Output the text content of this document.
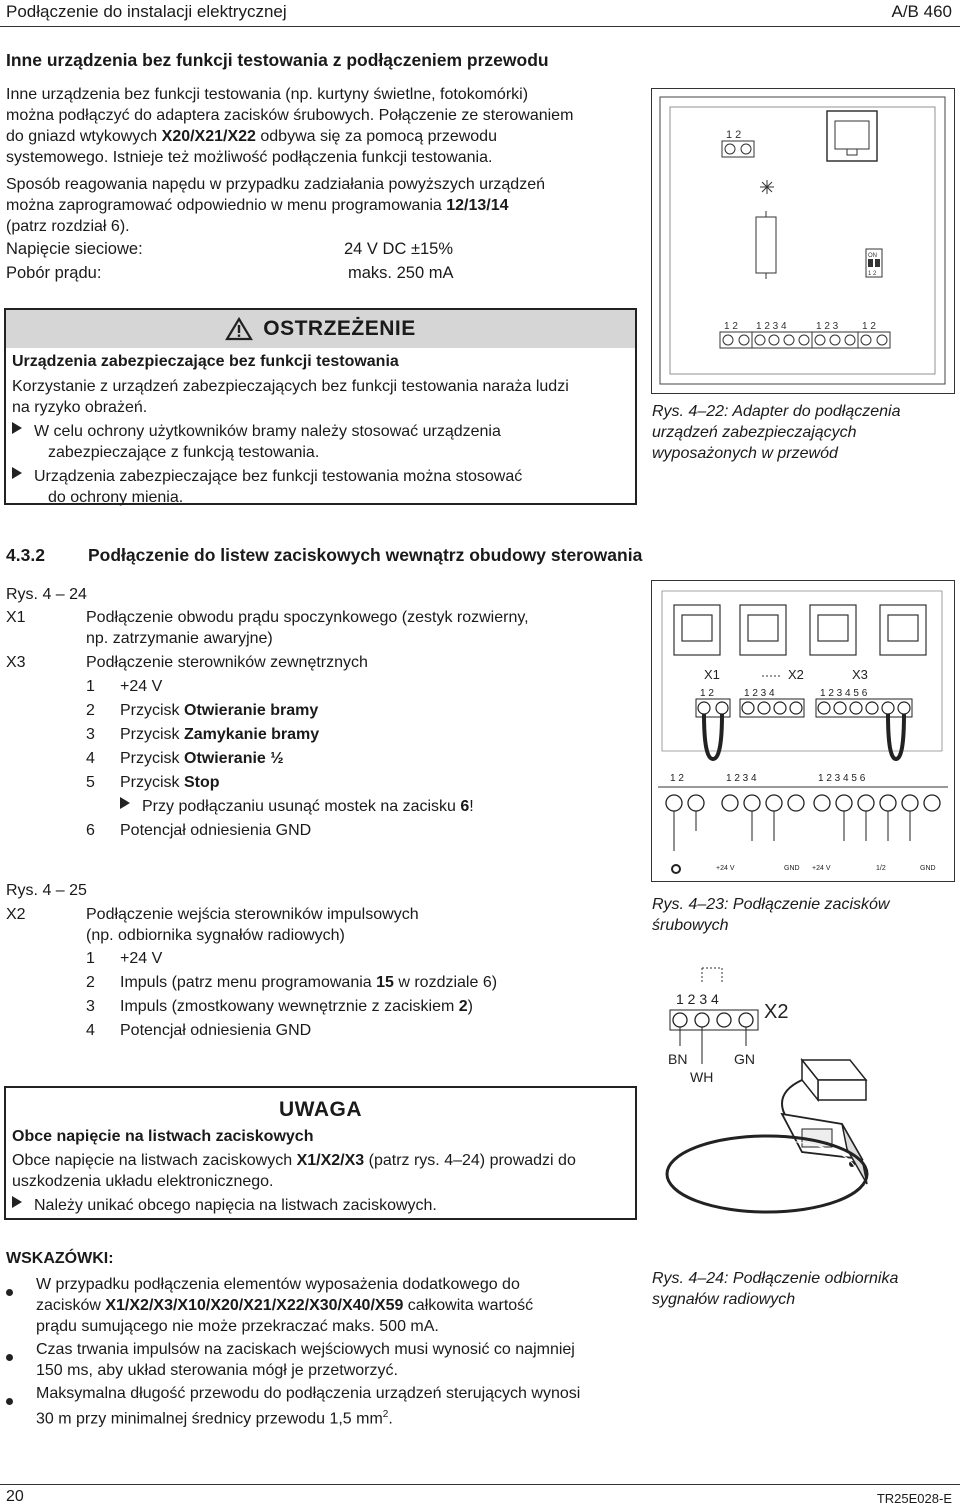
Podłączenie do instalacji elektrycznej	A/B 460
Inne urządzenia bez funkcji testowania z podłączeniem przewodu
Inne urządzenia bez funkcji testowania (np. kurtyny świetlne, fotokomórki)
można podłączyć do adaptera zacisków śrubowych. Połączenie ze sterowaniem
do gniazd wtykowych X20/X21/X22 odbywa się za pomocą przewodu
systemowego. Istnieje też możliwość podłączenia funkcji testowania.
Sposób reagowania napędu w przypadku zadziałania powyższych urządzeń
można zaprogramować odpowiednio w menu programowania 12/13/14
(patrz rozdział 6).
Napięcie sieciowe:	24 V DC ±15%
Pobór prądu:	maks. 250 mA
OSTRZEŻENIE
Urządzenia zabezpieczające bez funkcji testowania
Korzystanie z urządzeń zabezpieczających bez funkcji testowania naraża ludzi
na ryzyko obrażeń.
W celu ochrony użytkowników bramy należy stosować urządzenia
zabezpieczające z funkcją testowania.
Urządzenia zabezpieczające bez funkcji testowania można stosować
do ochrony mienia.
1 2
ON
1 2
1 2 1 2 3 4	1 2 3 1 2
Rys. 4–22: Adapter do podłączenia
urządzeń zabezpieczających
wyposażonych w przewód
4.3.2 Podłączenie do listew zaciskowych wewnątrz obudowy sterowania
Rys. 4 – 24
X1	Podłączenie obwodu prądu spoczynkowego (zestyk rozwierny,
np. zatrzymanie awaryjne)
X3	Podłączenie sterowników zewnętrznych
1 +24 V
2 Przycisk Otwieranie bramy
3 Przycisk Zamykanie bramy
4 Przycisk Otwieranie ½
5 Przycisk Stop
Przy podłączaniu usunąć mostek na zacisku 6!
6 Potencjał odniesienia GND
Rys. 4 – 25
X2	Podłączenie wejścia sterowników impulsowych
(np. odbiornika sygnałów radiowych)
1 +24 V
2 Impuls (patrz menu programowania 15 w rozdziale 6)
3 Impuls (zmostkowany wewnętrznie z zaciskiem 2)
4 Potencjał odniesienia GND
X1	X2	X3
1 2	1 2 3 4	1 2 3 4 5 6
1 2	1 2 3 4	1 2 3 4 5 6
+24 V	GND +24 V	1/2	GND
Rys. 4–23: Podłączenie zacisków
śrubowych
1 2 3 4
X2
BN	GN
WH
Rys. 4–24: Podłączenie odbiornika
sygnałów radiowych
UWAGA
Obce napięcie na listwach zaciskowych
Obce napięcie na listwach zaciskowych X1/X2/X3 (patrz rys. 4–24) prowadzi do
uszkodzenia układu elektronicznego.
Należy unikać obcego napięcia na listwach zaciskowych.
WSKAZÓWKI:
W przypadku podłączenia elementów wyposażenia dodatkowego do
zacisków X1/X2/X3/X10/X20/X21/X22/X30/X40/X59 całkowita wartość
prądu sumującego nie może przekraczać maks. 500 mA.
Czas trwania impulsów na zaciskach wejściowych musi wynosić co najmniej
150 ms, aby układ sterowania mógł je przetworzyć.
Maksymalna długość przewodu do podłączenia urządzeń sterujących wynosi
30 m przy minimalnej średnicy przewodu 1,5 $mm^2$.
20	TR25E028-E
